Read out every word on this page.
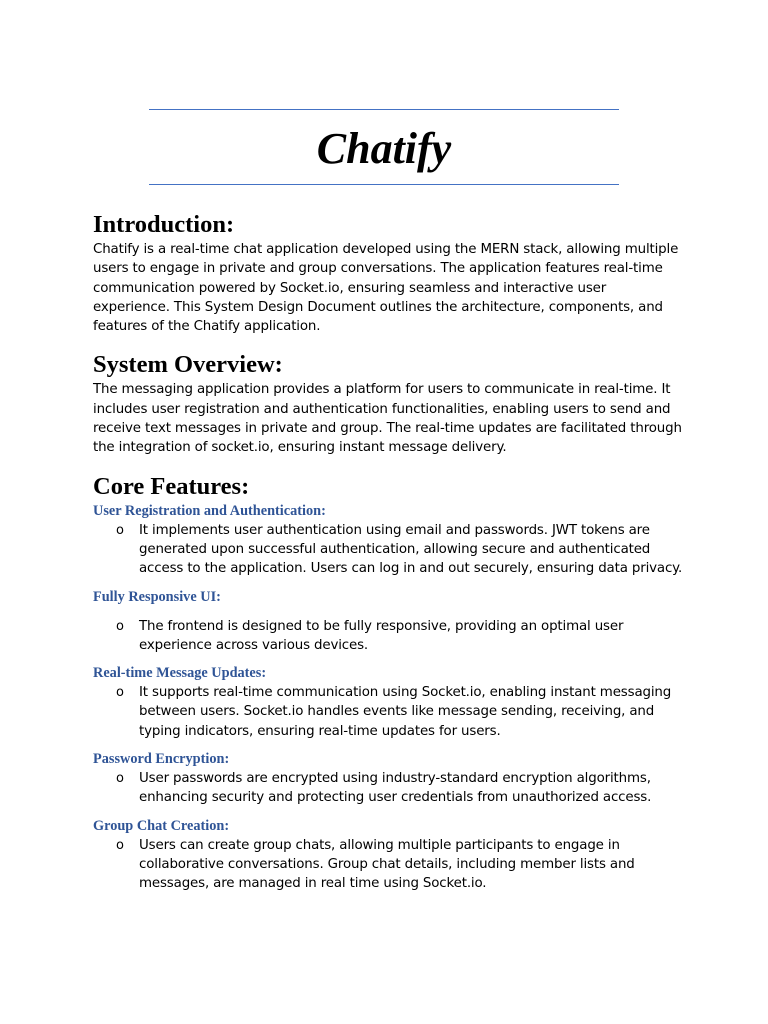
Chatify
Introduction:

Chatify is a real-time chat application developed using the MERN stack, allowing multiple users to engage in private and group conversations. The application features real-time communication powered by Socket.io, ensuring seamless and interactive user experience. This System Design Document outlines the architecture, components, and features of the Chatify application.

System Overview:

The messaging application provides a platform for users to communicate in real-time. It includes user registration and authentication functionalities, enabling users to send and receive text messages in private and group. The real-time updates are facilitated through the integration of socket.io, ensuring instant message delivery.

Core Features:
User Registration and Authentication:
o It implements user authentication using email and passwords. JWT tokens are generated upon successful authentication, allowing secure and authenticated access to the application. Users can log in and out securely, ensuring data privacy.

Fully Responsive UI:
o The frontend is designed to be fully responsive, providing an optimal user experience across various devices.

Real-time Message Updates:
o It supports real-time communication using Socket.io, enabling instant messaging between users. Socket.io handles events like message sending, receiving, and typing indicators, ensuring real-time updates for users.

Password Encryption:
o User passwords are encrypted using industry-standard encryption algorithms, enhancing security and protecting user credentials from unauthorized access.

Group Chat Creation:
o Users can create group chats, allowing multiple participants to engage in collaborative conversations. Group chat details, including member lists and messages, are managed in real time using Socket.io.
